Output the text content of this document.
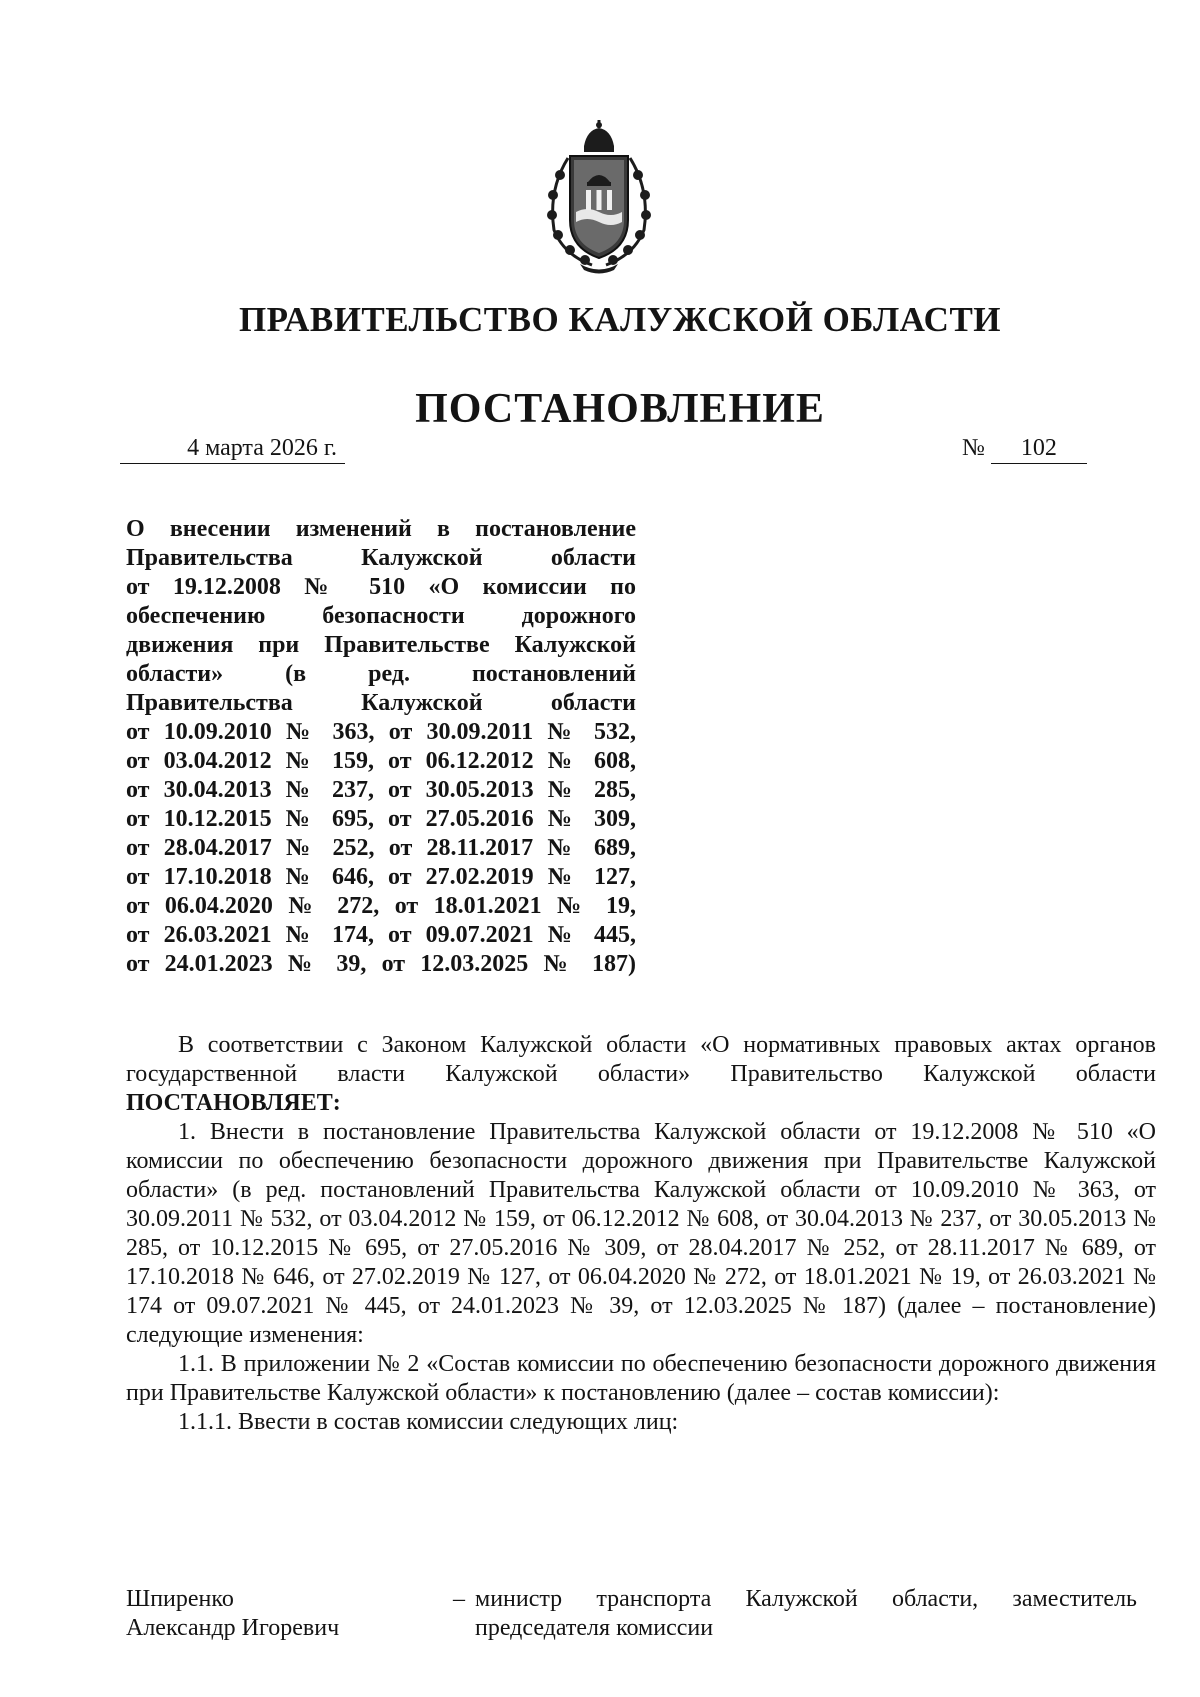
ПРАВИТЕЛЬСТВО КАЛУЖСКОЙ ОБЛАСТИ
ПОСТАНОВЛЕНИЕ
4 марта 2026 г.	№ 102
О внесении изменений в постановление
Правительства Калужской области
от 19.12.2008 № 510 «О комиссии по
обеспечению безопасности дорожного
движения при Правительстве Калужской
области» (в ред. постановлений
Правительства Калужской области
от 10.09.2010 № 363, от 30.09.2011 № 532,
от 03.04.2012 № 159, от 06.12.2012 № 608,
от 30.04.2013 № 237, от 30.05.2013 № 285,
от 10.12.2015 № 695, от 27.05.2016 № 309,
от 28.04.2017 № 252, от 28.11.2017 № 689,
от 17.10.2018 № 646, от 27.02.2019 № 127,
от 06.04.2020 № 272, от 18.01.2021 № 19,
от 26.03.2021 № 174, от 09.07.2021 № 445,
от 24.01.2023 № 39, от 12.03.2025 № 187)

В соответствии с Законом Калужской области «О нормативных правовых актах органов государственной власти Калужской области» Правительство Калужской области ПОСТАНОВЛЯЕТ:

1. Внести в постановление Правительства Калужской области от 19.12.2008 № 510 «О комиссии по обеспечению безопасности дорожного движения при Правительстве Калужской области» (в ред. постановлений Правительства Калужской области от 10.09.2010 № 363, от 30.09.2011 № 532, от 03.04.2012 № 159, от 06.12.2012 № 608, от 30.04.2013 № 237, от 30.05.2013 № 285, от 10.12.2015 № 695, от 27.05.2016 № 309, от 28.04.2017 № 252, от 28.11.2017 № 689, от 17.10.2018 № 646, от 27.02.2019 № 127, от 06.04.2020 № 272, от 18.01.2021 № 19, от 26.03.2021 № 174 от 09.07.2021 № 445, от 24.01.2023 № 39, от 12.03.2025 № 187) (далее – постановление) следующие изменения:

1.1. В приложении № 2 «Состав комиссии по обеспечению безопасности дорожного движения при Правительстве Калужской области» к постановлению (далее – состав комиссии):

1.1.1. Ввести в состав комиссии следующих лиц:

Шпиренко
Александр Игоревич
– министр транспорта Калужской области, заместитель
председателя комиссии
